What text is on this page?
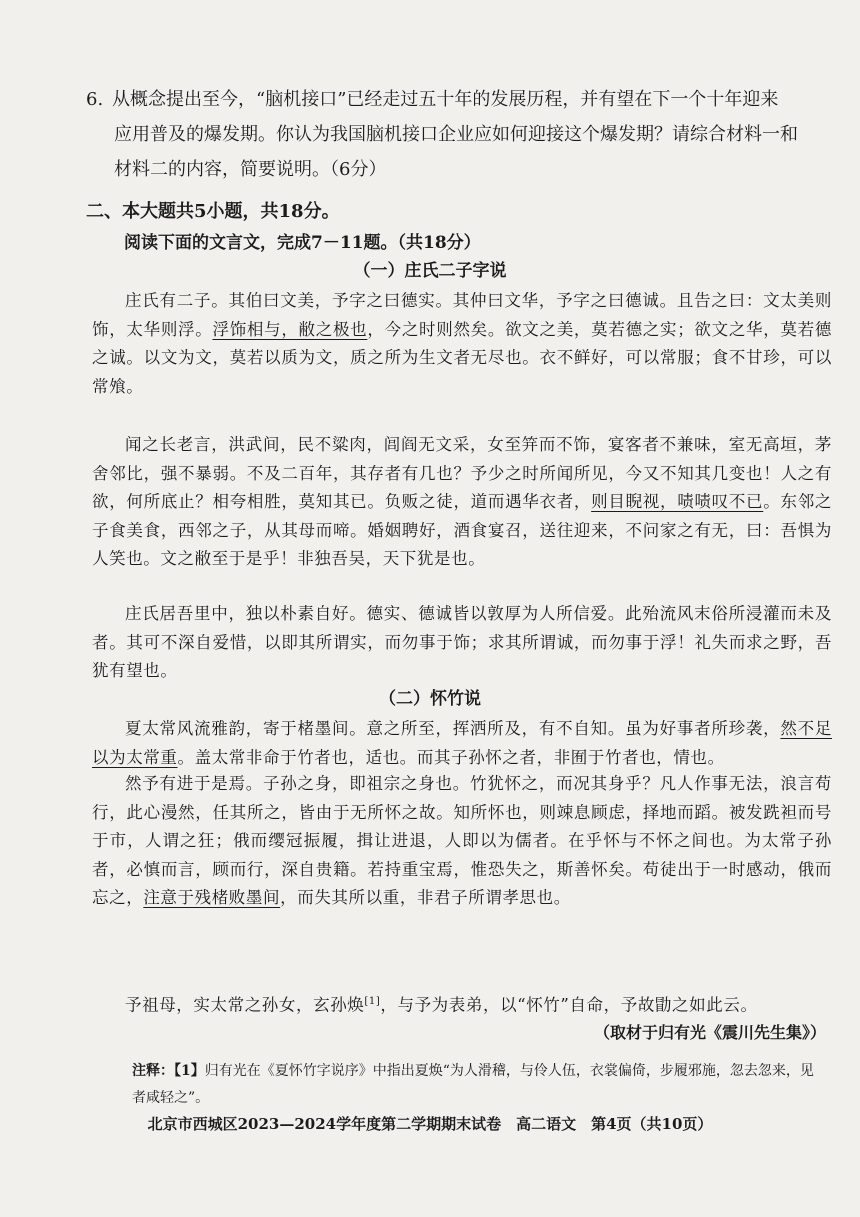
6. 从概念提出至今，“脑机接口”已经走过五十年的发展历程，并有望在下一个十年迎来
应用普及的爆发期。你认为我国脑机接口企业应如何迎接这个爆发期？请综合材料一和
材料二的内容，简要说明。（6分）
二、本大题共5小题，共18分。
阅读下面的文言文，完成7－11题。（共18分）
（一）庄氏二子字说

庄氏有二子。其伯曰文美，予字之曰德实。其仲曰文华，予字之曰德诚。且告之曰：文太美则饰，太华则浮。浮饰相与，敝之极也，今之时则然矣。欲文之美，莫若德之实；欲文之华，莫若德之诚。以文为文，莫若以质为文，质之所为生文者无尽也。衣不鲜好，可以常服；食不甘珍，可以常飧。

闻之长老言，洪武间，民不粱肉，闾阎无文采，女至笄而不饰，宴客者不兼味，室无高垣，茅舍邻比，强不暴弱。不及二百年，其存者有几也？予少之时所闻所见，今又不知其几变也！人之有欲，何所底止？相夸相胜，莫知其已。负贩之徒，道而遇华衣者，则目睨视，啧啧叹不已。东邻之子食美食，西邻之子，从其母而啼。婚姻聘好，酒食宴召，送往迎来，不问家之有无，曰：吾惧为人笑也。文之敝至于是乎！非独吾吴，天下犹是也。

庄氏居吾里中，独以朴素自好。德实、德诚皆以敦厚为人所信爱。此殆流风末俗所浸灌而未及者。其可不深自爱惜，以即其所谓实，而勿事于饰；求其所谓诚，而勿事于浮！礼失而求之野，吾犹有望也。

（二）怀竹说

夏太常风流雅韵，寄于楮墨间。意之所至，挥洒所及，有不自知。虽为好事者所珍袭，然不足以为太常重。盖太常非命于竹者也，适也。而其子孙怀之者，非囿于竹者也，情也。

然予有进于是焉。子孙之身，即祖宗之身也。竹犹怀之，而况其身乎？凡人作事无法，浪言苟行，此心漫然，任其所之，皆由于无所怀之故。知所怀也，则竦息顾虑，择地而蹈。被发跣袒而号于市，人谓之狂；俄而缨冠振履，揖让进退，人即以为儒者。在乎怀与不怀之间也。为太常子孙者，必慎而言，顾而行，深自贵籍。若持重宝焉，惟恐失之，斯善怀矣。苟徒出于一时感动，俄而忘之，注意于残楮败墨间，而失其所以重，非君子所谓孝思也。

予祖母，实太常之孙女，玄孙焕[1]，与予为表弟，以“怀竹”自命，予故勖之如此云。

（取材于归有光《震川先生集》）
注释：【1】归有光在《夏怀竹字说序》中指出夏焕“为人滑稽，与伶人伍，衣裳偏倚，步履邪施，忽去忽来，见者咸轻之”。
北京市西城区2023—2024学年度第二学期期末试卷　高二语文　第4页（共10页）
